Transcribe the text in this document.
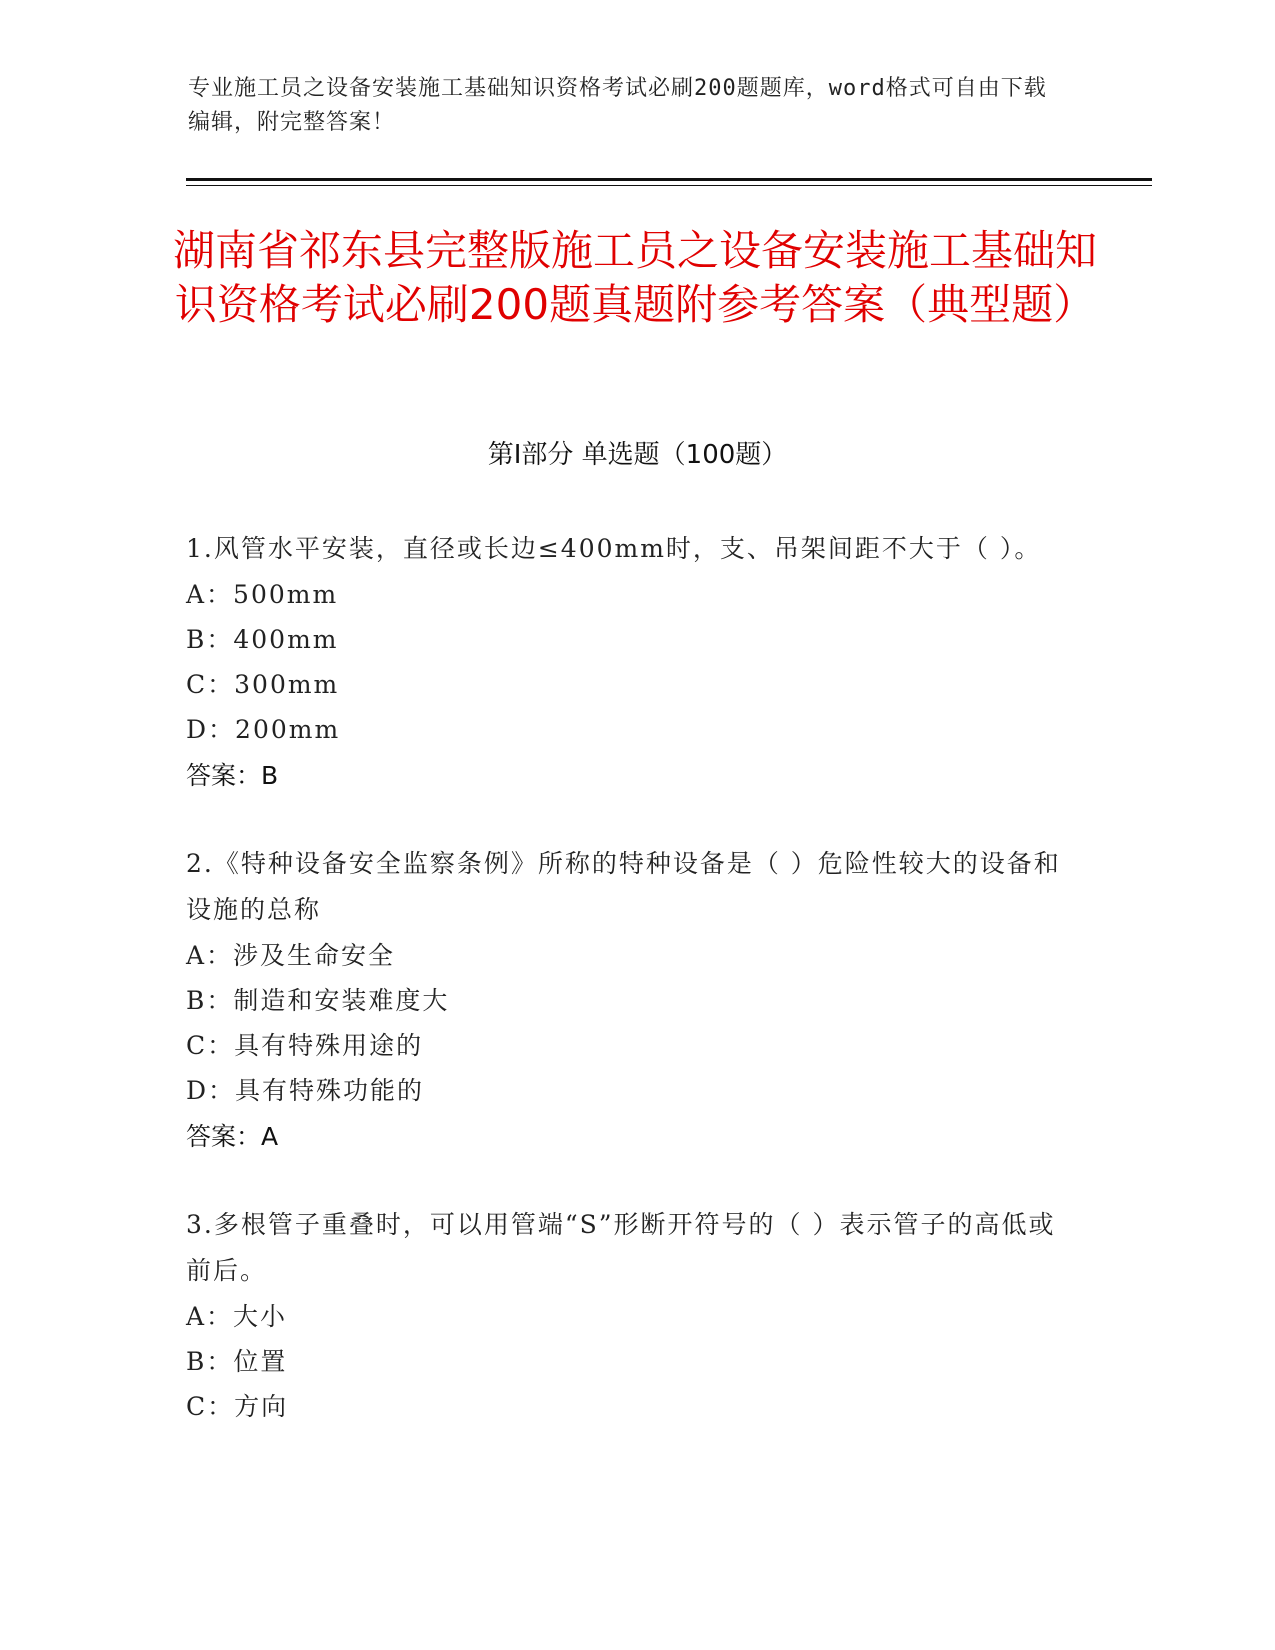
专业施工员之设备安装施工基础知识资格考试必刷200题题库，word格式可自由下载编辑，附完整答案！
湖南省祁东县完整版施工员之设备安装施工基础知识资格考试必刷200题真题附参考答案（典型题）
第Ⅰ部分 单选题（100题）
1.风管水平安装，直径或长边≤400mm时，支、吊架间距不大于（ ）。
A：500mm
B：400mm
C：300mm
D：200mm
答案：B
2.《特种设备安全监察条例》所称的特种设备是（ ）危险性较大的设备和设施的总称
A：涉及生命安全
B：制造和安装难度大
C：具有特殊用途的
D：具有特殊功能的
答案：A
3.多根管子重叠时，可以用管端“S”形断开符号的（ ）表示管子的高低或前后。
A：大小
B：位置
C：方向
